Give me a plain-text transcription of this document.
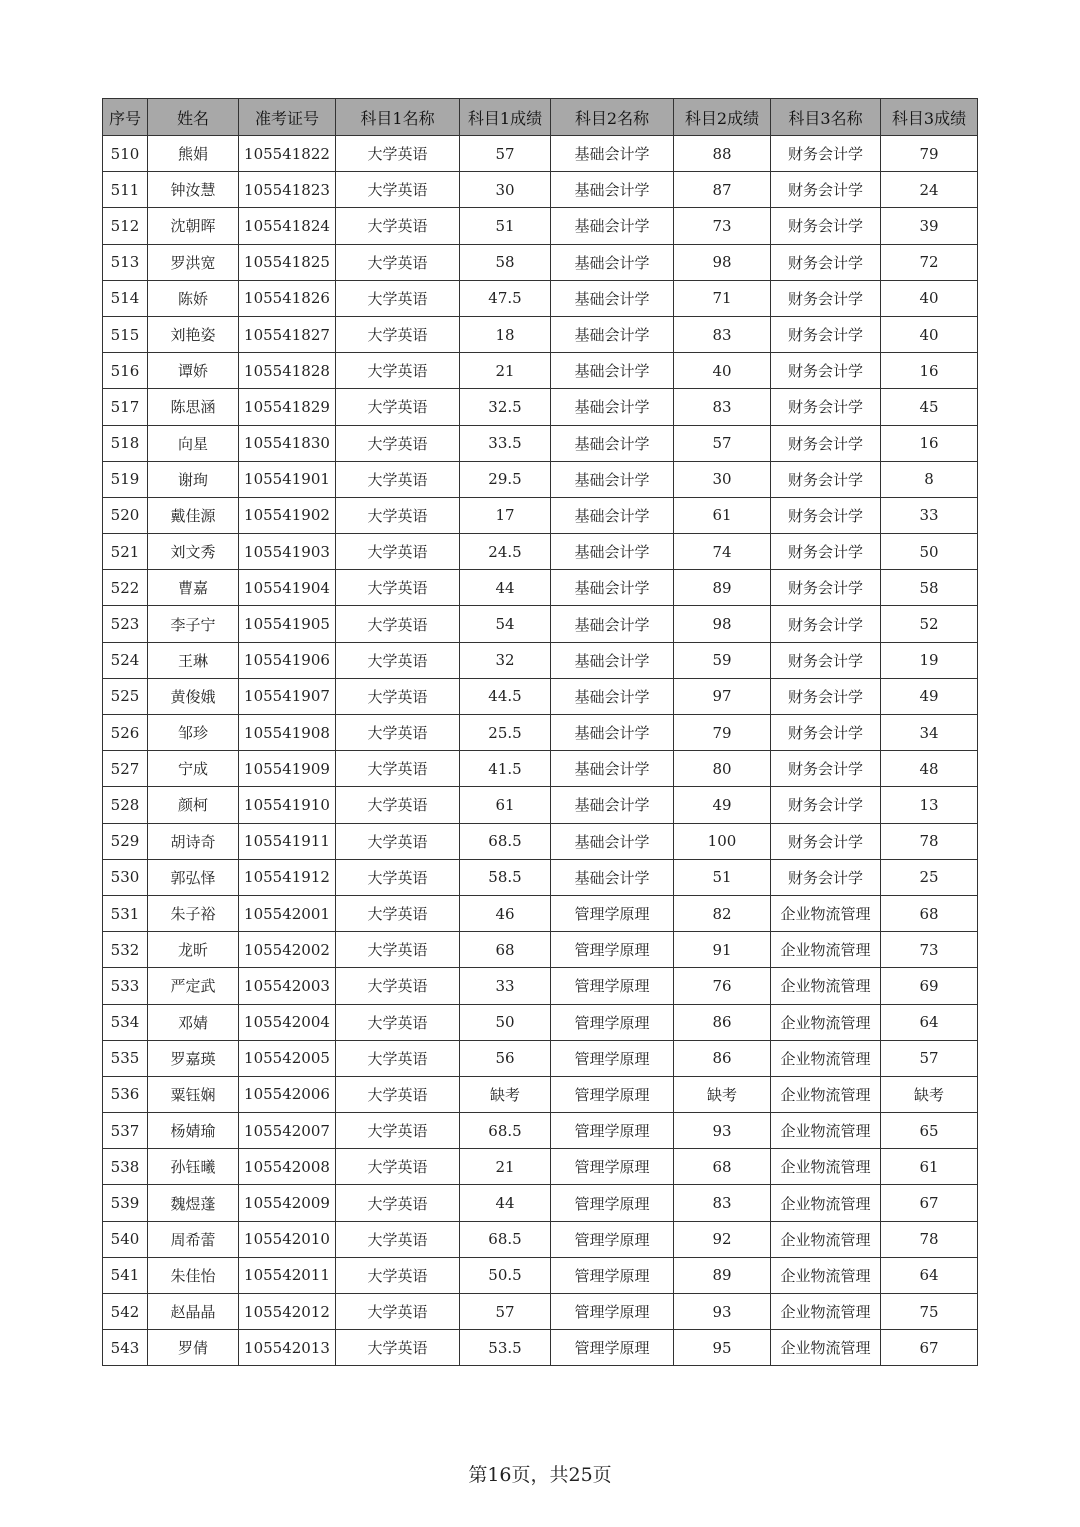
序号	姓名	准考证号	科目1名称	科目1成绩	科目2名称	科目2成绩	科目3名称	科目3成绩
510	熊娟	105541822	大学英语	57	基础会计学	88	财务会计学	79
511	钟汝慧	105541823	大学英语	30	基础会计学	87	财务会计学	24
512	沈朝晖	105541824	大学英语	51	基础会计学	73	财务会计学	39
513	罗洪宽	105541825	大学英语	58	基础会计学	98	财务会计学	72
514	陈娇	105541826	大学英语	47.5	基础会计学	71	财务会计学	40
515	刘艳姿	105541827	大学英语	18	基础会计学	83	财务会计学	40
516	谭娇	105541828	大学英语	21	基础会计学	40	财务会计学	16
517	陈思涵	105541829	大学英语	32.5	基础会计学	83	财务会计学	45
518	向星	105541830	大学英语	33.5	基础会计学	57	财务会计学	16
519	谢珣	105541901	大学英语	29.5	基础会计学	30	财务会计学	8
520	戴佳源	105541902	大学英语	17	基础会计学	61	财务会计学	33
521	刘文秀	105541903	大学英语	24.5	基础会计学	74	财务会计学	50
522	曹嘉	105541904	大学英语	44	基础会计学	89	财务会计学	58
523	李子宁	105541905	大学英语	54	基础会计学	98	财务会计学	52
524	王琳	105541906	大学英语	32	基础会计学	59	财务会计学	19
525	黄俊娥	105541907	大学英语	44.5	基础会计学	97	财务会计学	49
526	邹珍	105541908	大学英语	25.5	基础会计学	79	财务会计学	34
527	宁成	105541909	大学英语	41.5	基础会计学	80	财务会计学	48
528	颜柯	105541910	大学英语	61	基础会计学	49	财务会计学	13
529	胡诗奇	105541911	大学英语	68.5	基础会计学	100	财务会计学	78
530	郭弘怿	105541912	大学英语	58.5	基础会计学	51	财务会计学	25
531	朱子裕	105542001	大学英语	46	管理学原理	82	企业物流管理	68
532	龙昕	105542002	大学英语	68	管理学原理	91	企业物流管理	73
533	严定武	105542003	大学英语	33	管理学原理	76	企业物流管理	69
534	邓婧	105542004	大学英语	50	管理学原理	86	企业物流管理	64
535	罗嘉瑛	105542005	大学英语	56	管理学原理	86	企业物流管理	57
536	粟钰娴	105542006	大学英语	缺考	管理学原理	缺考	企业物流管理	缺考
537	杨婧瑜	105542007	大学英语	68.5	管理学原理	93	企业物流管理	65
538	孙钰曦	105542008	大学英语	21	管理学原理	68	企业物流管理	61
539	魏煜蓬	105542009	大学英语	44	管理学原理	83	企业物流管理	67
540	周希蕾	105542010	大学英语	68.5	管理学原理	92	企业物流管理	78
541	朱佳怡	105542011	大学英语	50.5	管理学原理	89	企业物流管理	64
542	赵晶晶	105542012	大学英语	57	管理学原理	93	企业物流管理	75
543	罗倩	105542013	大学英语	53.5	管理学原理	95	企业物流管理	67
第16页，共25页
